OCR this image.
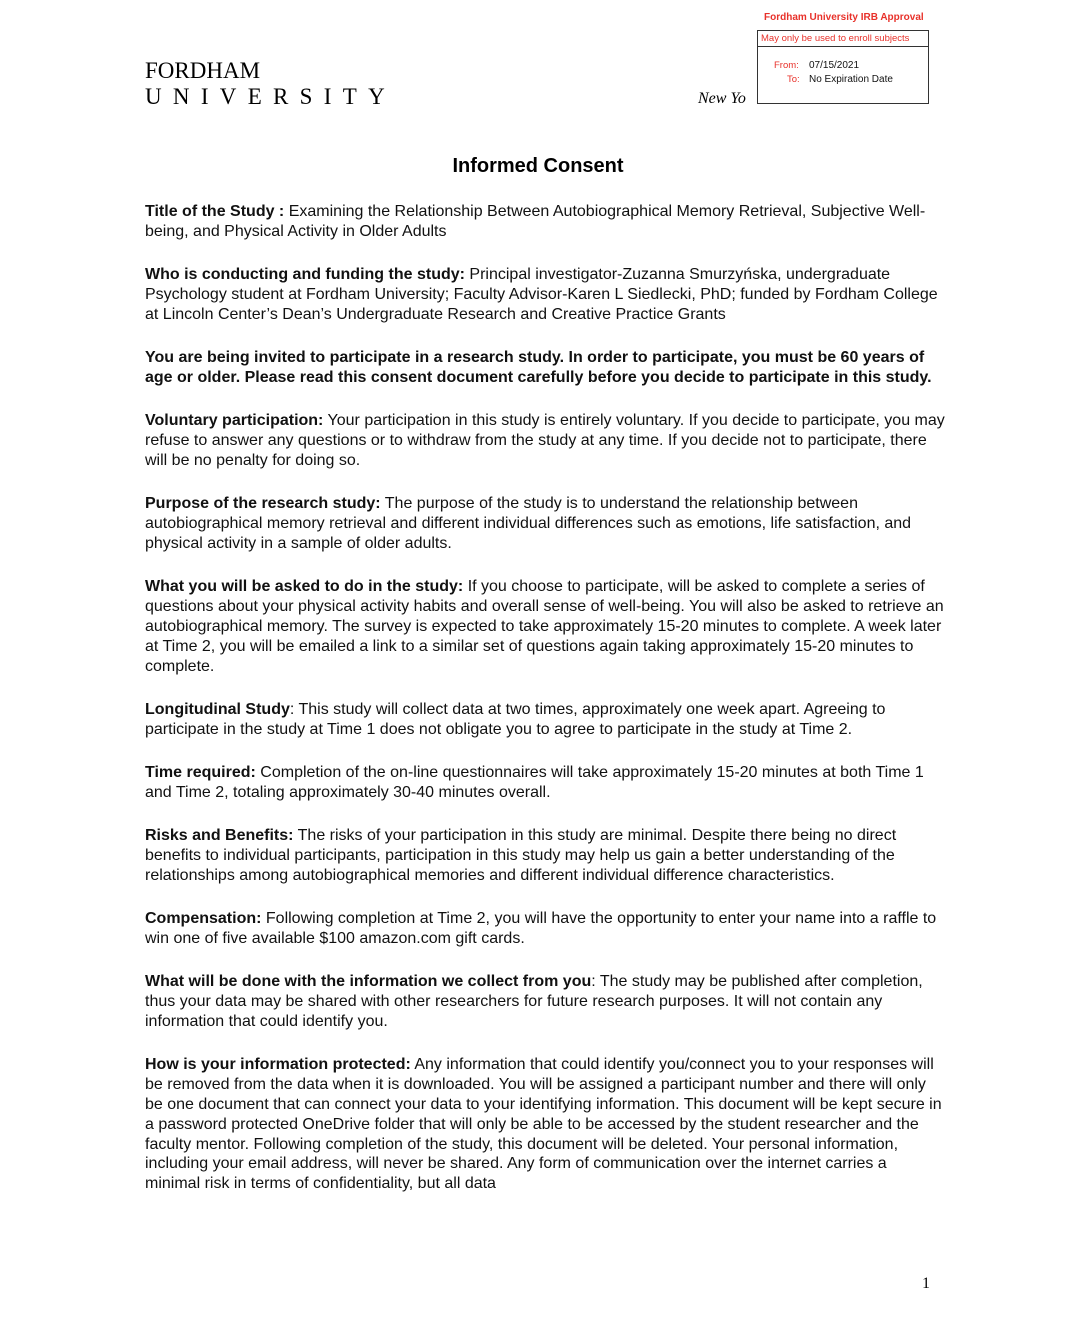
FORDHAM
UNIVERSITY	New Yo
Fordham University IRB Approval
May only be used to enroll subjects
From: 07/15/2021
To: No Expiration Date
Informed Consent

Title of the Study : Examining the Relationship Between Autobiographical Memory Retrieval, Subjective Well-being, and Physical Activity in Older Adults

Who is conducting and funding the study: Principal investigator-Zuzanna Smurzyńska, undergraduate Psychology student at Fordham University; Faculty Advisor-Karen L Siedlecki, PhD; funded by Fordham College at Lincoln Center’s Dean’s Undergraduate Research and Creative Practice Grants

You are being invited to participate in a research study. In order to participate, you must be 60 years of age or older. Please read this consent document carefully before you decide to participate in this study.

Voluntary participation: Your participation in this study is entirely voluntary. If you decide to participate, you may refuse to answer any questions or to withdraw from the study at any time. If you decide not to participate, there will be no penalty for doing so.

Purpose of the research study: The purpose of the study is to understand the relationship between autobiographical memory retrieval and different individual differences such as emotions, life satisfaction, and physical activity in a sample of older adults.

What you will be asked to do in the study: If you choose to participate, will be asked to complete a series of questions about your physical activity habits and overall sense of well-being. You will also be asked to retrieve an autobiographical memory. The survey is expected to take approximately 15-20 minutes to complete. A week later at Time 2, you will be emailed a link to a similar set of questions again taking approximately 15-20 minutes to complete.

Longitudinal Study: This study will collect data at two times, approximately one week apart. Agreeing to participate in the study at Time 1 does not obligate you to agree to participate in the study at Time 2.

Time required: Completion of the on-line questionnaires will take approximately 15-20 minutes at both Time 1 and Time 2, totaling approximately 30-40 minutes overall.

Risks and Benefits: The risks of your participation in this study are minimal. Despite there being no direct benefits to individual participants, participation in this study may help us gain a better understanding of the relationships among autobiographical memories and different individual difference characteristics.

Compensation: Following completion at Time 2, you will have the opportunity to enter your name into a raffle to win one of five available $100 amazon.com gift cards.

What will be done with the information we collect from you: The study may be published after completion, thus your data may be shared with other researchers for future research purposes. It will not contain any information that could identify you.

How is your information protected: Any information that could identify you/connect you to your responses will be removed from the data when it is downloaded. You will be assigned a participant number and there will only be one document that can connect your data to your identifying information. This document will be kept secure in a password protected OneDrive folder that will only be able to be accessed by the student researcher and the faculty mentor. Following completion of the study, this document will be deleted. Your personal information, including your email address, will never be shared. Any form of communication over the internet carries a minimal risk in terms of confidentiality, but all data

1
